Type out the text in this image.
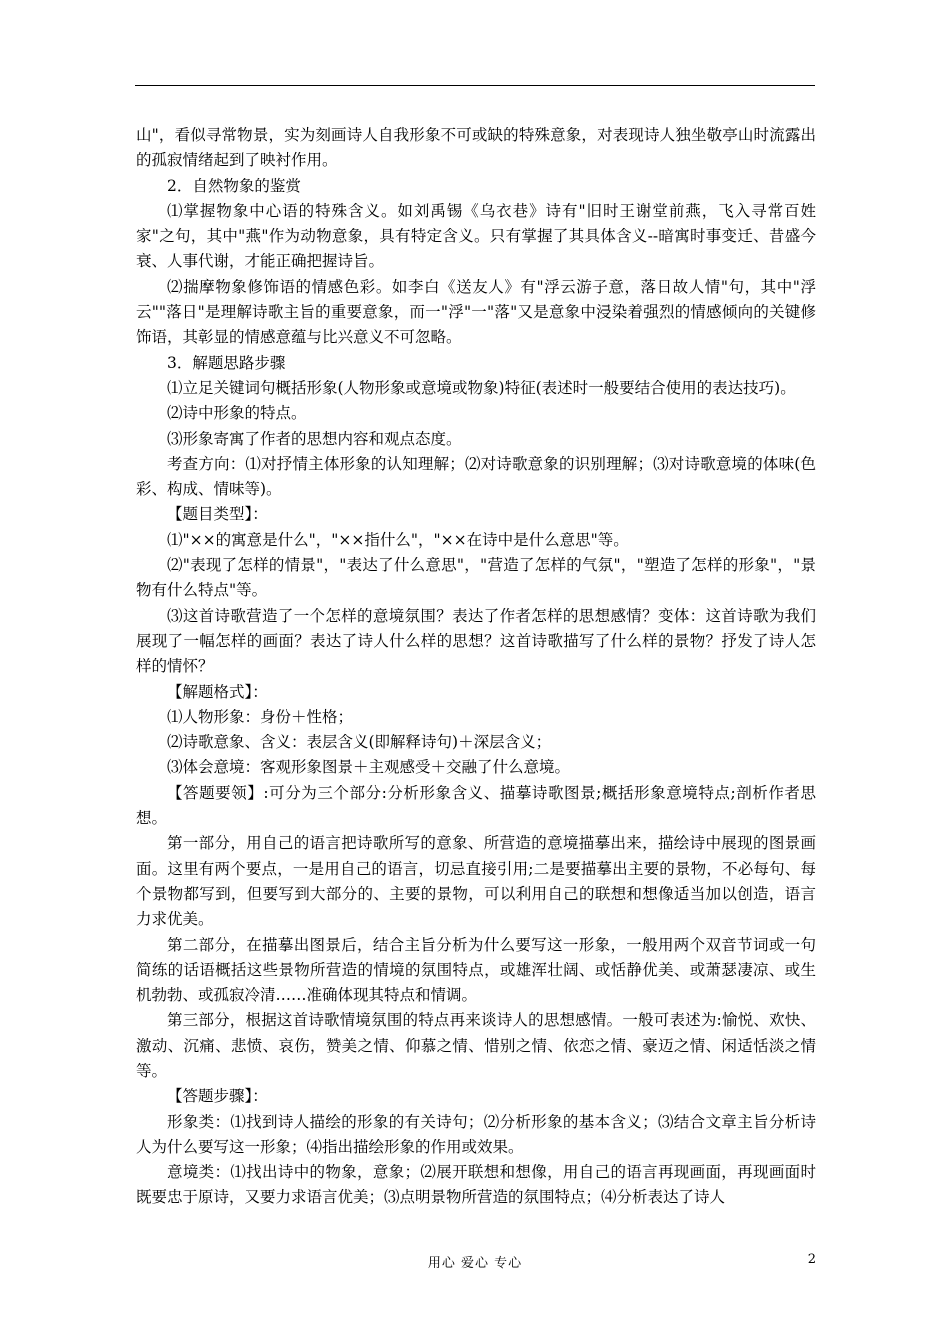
山"，看似寻常物景，实为刻画诗人自我形象不可或缺的特殊意象，对表现诗人独坐敬亭山时流露出的孤寂情绪起到了映衬作用。

2．自然物象的鉴赏

⑴掌握物象中心语的特殊含义。如刘禹锡《乌衣巷》诗有"旧时王谢堂前燕，飞入寻常百姓家"之句，其中"燕"作为动物意象，具有特定含义。只有掌握了其具体含义--暗寓时事变迁、昔盛今衰、人事代谢，才能正确把握诗旨。

⑵揣摩物象修饰语的情感色彩。如李白《送友人》有"浮云游子意，落日故人情"句，其中"浮云""落日"是理解诗歌主旨的重要意象，而一"浮"一"落"又是意象中浸染着强烈的情感倾向的关键修饰语，其彰显的情感意蕴与比兴意义不可忽略。

3．解题思路步骤

⑴立足关键词句概括形象(人物形象或意境或物象)特征(表述时一般要结合使用的表达技巧)。

⑵诗中形象的特点。

⑶形象寄寓了作者的思想内容和观点态度。

考查方向：⑴对抒情主体形象的认知理解；⑵对诗歌意象的识别理解；⑶对诗歌意境的体味(色彩、构成、情味等)。

【题目类型】：

⑴"××的寓意是什么"，"××指什么"，"××在诗中是什么意思"等。

⑵"表现了怎样的情景"，"表达了什么意思"，"营造了怎样的气氛"，"塑造了怎样的形象"，"景物有什么特点"等。

⑶这首诗歌营造了一个怎样的意境氛围？表达了作者怎样的思想感情？变体：这首诗歌为我们展现了一幅怎样的画面？表达了诗人什么样的思想？这首诗歌描写了什么样的景物？抒发了诗人怎样的情怀？

【解题格式】：

⑴人物形象：身份＋性格；

⑵诗歌意象、含义：表层含义(即解释诗句)＋深层含义；

⑶体会意境：客观形象图景＋主观感受＋交融了什么意境。

【答题要领】:可分为三个部分:分析形象含义、描摹诗歌图景;概括形象意境特点;剖析作者思想。

第一部分，用自己的语言把诗歌所写的意象、所营造的意境描摹出来，描绘诗中展现的图景画面。这里有两个要点，一是用自己的语言，切忌直接引用;二是要描摹出主要的景物，不必每句、每个景物都写到，但要写到大部分的、主要的景物，可以利用自己的联想和想像适当加以创造，语言力求优美。

第二部分，在描摹出图景后，结合主旨分析为什么要写这一形象，一般用两个双音节词或一句简练的话语概括这些景物所营造的情境的氛围特点，或雄浑壮阔、或恬静优美、或萧瑟凄凉、或生机勃勃、或孤寂冷清……准确体现其特点和情调。

第三部分，根据这首诗歌情境氛围的特点再来谈诗人的思想感情。一般可表述为:愉悦、欢快、激动、沉痛、悲愤、哀伤，赞美之情、仰慕之情、惜别之情、依恋之情、豪迈之情、闲适恬淡之情等。

【答题步骤】：

形象类：⑴找到诗人描绘的形象的有关诗句；⑵分析形象的基本含义；⑶结合文章主旨分析诗人为什么要写这一形象；⑷指出描绘形象的作用或效果。

意境类：⑴找出诗中的物象，意象；⑵展开联想和想像，用自己的语言再现画面，再现画面时既要忠于原诗，又要力求语言优美；⑶点明景物所营造的氛围特点；⑷分析表达了诗人

用心 爱心 专心	2
